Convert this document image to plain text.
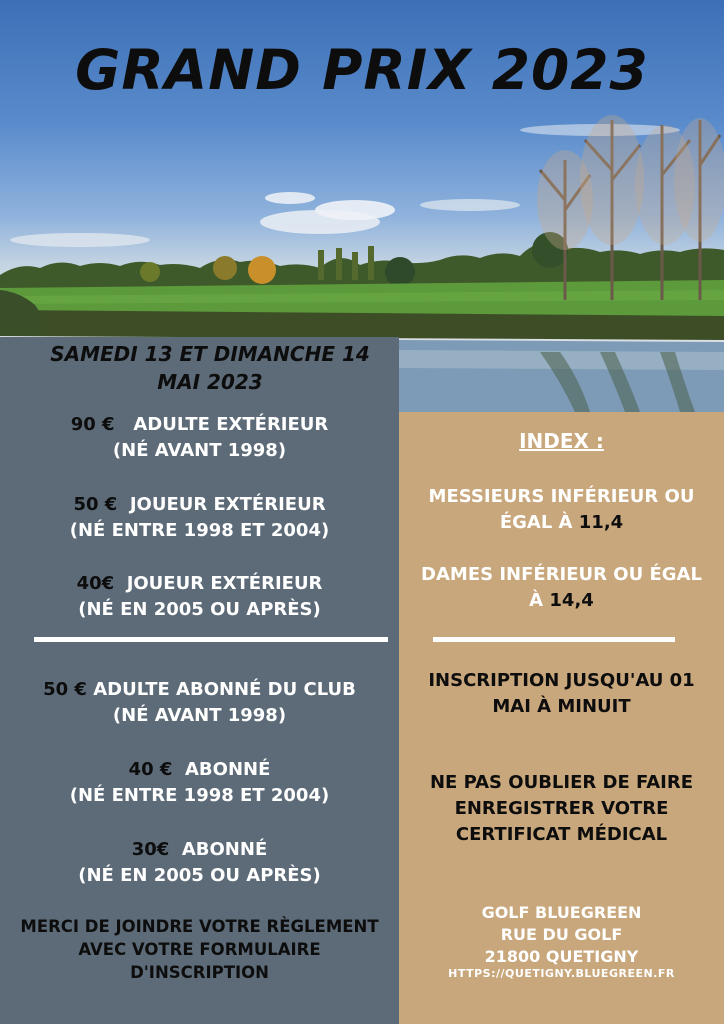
GRAND PRIX 2023
SAMEDI 13 ET DIMANCHE 14
MAI 2023
90 € ADULTE EXTÉRIEUR
(NÉ AVANT 1998)
50 € JOUEUR EXTÉRIEUR
(NÉ ENTRE 1998 ET 2004)
40€ JOUEUR EXTÉRIEUR
(NÉ EN 2005 OU APRÈS)
50 € ADULTE ABONNÉ DU CLUB
(NÉ AVANT 1998)
40 € ABONNÉ
(NÉ ENTRE 1998 ET 2004)
30€ ABONNÉ
(NÉ EN 2005 OU APRÈS)
MERCI DE JOINDRE VOTRE RÈGLEMENT
AVEC VOTRE FORMULAIRE
D'INSCRIPTION
INDEX :
MESSIEURS INFÉRIEUR OU
ÉGAL À 11,4
DAMES INFÉRIEUR OU ÉGAL
À 14,4
INSCRIPTION JUSQU'AU 01
MAI À MINUIT
NE PAS OUBLIER DE FAIRE
ENREGISTRER VOTRE
CERTIFICAT MÉDICAL
GOLF BLUEGREEN
RUE DU GOLF
21800 QUETIGNY
HTTPS://QUETIGNY.BLUEGREEN.FR
